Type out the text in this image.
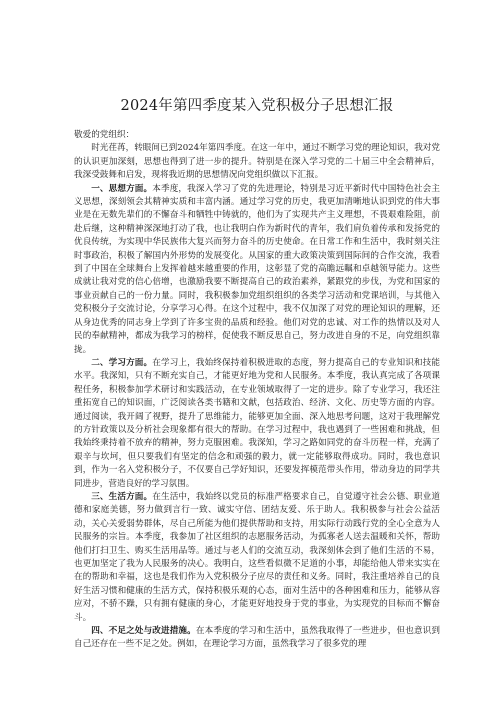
2024年第四季度某入党积极分子思想汇报

敬爱的党组织：

时光荏苒，转眼间已到2024年第四季度。在这一年中，通过不断学习党的理论知识，我对党的认识更加深刻，思想也得到了进一步的提升。特别是在深入学习党的二十届三中全会精神后，我深受鼓舞和启发，现将我近期的思想情况向党组织做以下汇报。

一、思想方面。本季度，我深入学习了党的先进理论，特别是习近平新时代中国特色社会主义思想，深刻领会其精神实质和丰富内涵。通过学习党的历史，我更加清晰地认识到党的伟大事业是在无数先辈们的不懈奋斗和牺牲中铸就的，他们为了实现共产主义理想，不畏艰难险阻，前赴后继，这种精神深深地打动了我，也让我明白作为新时代的青年，我们肩负着传承和发扬党的优良传统，为实现中华民族伟大复兴而努力奋斗的历史使命。在日常工作和生活中，我时刻关注时事政治，积极了解国内外形势的发展变化。从国家的重大政策决策到国际间的合作交流，我看到了中国在全球舞台上发挥着越来越重要的作用，这彰显了党的高瞻远瞩和卓越领导能力。这些成就让我对党的信心倍增，也激励我要不断提高自己的政治素养，紧跟党的步伐，为党和国家的事业贡献自己的一份力量。同时，我积极参加党组织组织的各类学习活动和党课培训，与其他入党积极分子交流讨论，分享学习心得。在这个过程中，我不仅加深了对党的理论知识的理解，还从身边优秀的同志身上学到了许多宝贵的品质和经验。他们对党的忠诚、对工作的热情以及对人民的奉献精神，都成为我学习的榜样，促使我不断反思自己，努力改进自身的不足，向党组织靠拢。

二、学习方面。在学习上，我始终保持着积极进取的态度，努力提高自己的专业知识和技能水平。我深知，只有不断充实自己，才能更好地为党和人民服务。本季度，我认真完成了各项课程任务，积极参加学术研讨和实践活动，在专业领域取得了一定的进步。除了专业学习，我还注重拓宽自己的知识面，广泛阅读各类书籍和文献，包括政治、经济、文化、历史等方面的内容。通过阅读，我开阔了视野，提升了思维能力，能够更加全面、深入地思考问题，这对于我理解党的方针政策以及分析社会现象都有很大的帮助。在学习过程中，我也遇到了一些困难和挑战，但我始终秉持着不放弃的精神，努力克服困难。我深知，学习之路如同党的奋斗历程一样，充满了艰辛与坎坷，但只要我们有坚定的信念和顽强的毅力，就一定能够取得成功。同时，我也意识到，作为一名入党积极分子，不仅要自己学好知识，还要发挥模范带头作用，带动身边的同学共同进步，营造良好的学习氛围。

三、生活方面。在生活中，我始终以党员的标准严格要求自己，自觉遵守社会公德、职业道德和家庭美德，努力做到言行一致、诚实守信、团结友爱、乐于助人。我积极参与社会公益活动，关心关爱弱势群体，尽自己所能为他们提供帮助和支持，用实际行动践行党的全心全意为人民服务的宗旨。本季度，我参加了社区组织的志愿服务活动，为孤寡老人送去温暖和关怀，帮助他们打扫卫生、购买生活用品等。通过与老人们的交流互动，我深刻体会到了他们生活的不易，也更加坚定了我为人民服务的决心。我明白，这些看似微不足道的小事，却能给他人带来实实在在的帮助和幸福，这也是我们作为入党积极分子应尽的责任和义务。同时，我注重培养自己的良好生活习惯和健康的生活方式，保持积极乐观的心态，面对生活中的各种困难和压力，能够从容应对，不骄不躁，只有拥有健康的身心，才能更好地投身于党的事业，为实现党的目标而不懈奋斗。

四、不足之处与改进措施。在本季度的学习和生活中，虽然我取得了一些进步，但也意识到自己还存在一些不足之处。例如，在理论学习方面，虽然我学习了很多党的理
